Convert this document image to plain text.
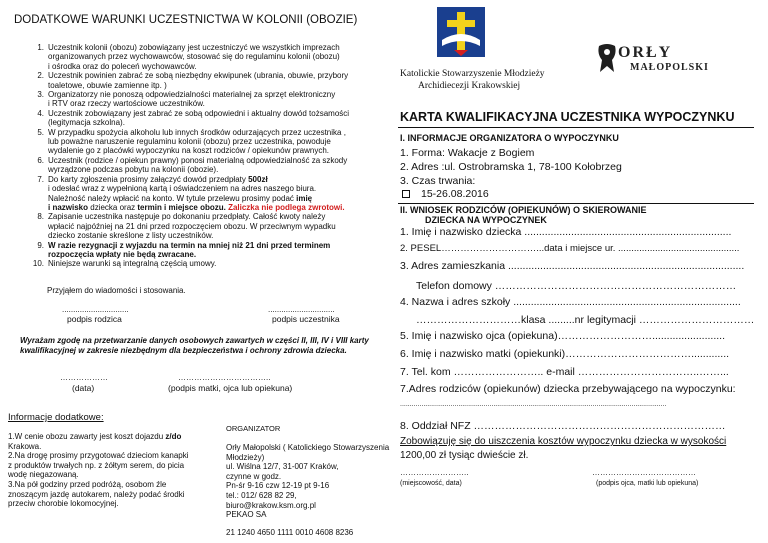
DODATKOWE WARUNKI UCZESTNICTWA W KOLONII (OBOZIE)
1. Uczestnik kolonii (obozu) zobowiązany jest uczestniczyć we wszystkich imprezach
organizowanych przez wychowawców, stosować się do regulaminu kolonii (obozu)
i ośrodka oraz do poleceń wychowawców.
2. Uczestnik powinien zabrać ze sobą niezbędny ekwipunek (ubrania, obuwie, przybory
toaletowe, obuwie zamienne itp. )
3. Organizatorzy nie ponoszą odpowiedzialności materialnej za sprzęt elektroniczny
i RTV oraz rzeczy wartościowe uczestników.
4. Uczestnik zobowiązany jest zabrać ze sobą odpowiedni i aktualny dowód tożsamości
(legitymacja szkolna).
5. W przypadku spożycia alkoholu lub innych środków odurzających przez uczestnika ,
lub poważne naruszenie regulaminu kolonii (obozu) przez uczestnika, powoduje
wydalenie go z placówki wypoczynku na koszt rodziców / opiekunów prawnych.
6. Uczestnik (rodzice / opiekun prawny) ponosi materialną odpowiedzialność za szkody
wyrządzone podczas pobytu na kolonii (obozie).
7. Do karty zgłoszenia prosimy załączyć dowód przedpłaty 500zł
i odesłać wraz z wypełnioną kartą i oświadczeniem na adres naszego biura.
Należność należy wpłacić na konto. W tytule przelewu prosimy podać imię
i nazwisko dziecka oraz termin i miejsce obozu. Zaliczka nie podlega zwrotowi.
8. Zapisanie uczestnika następuje po dokonaniu przedpłaty. Całość kwoty należy
wpłacić najpóźniej na 21 dni przed rozpoczęciem obozu. W przeciwnym wypadku
dziecko zostanie skreślone z listy uczestników.
9. W razie rezygnacji z wyjazdu na termin na mniej niż 21 dni przed terminem
rozpoczęcia wpłaty nie będą zwracane.
10. Niniejsze warunki są integralną częścią umowy.
Przyjąłem do wiadomości i stosowania.
..............................
podpis rodzica
..............................
podpis uczestnika
Wyrażam zgodę na przetwarzanie danych osobowych zawartych w części II, III, IV i VIII karty kwalifikacyjnej w zakresie niezbędnym dla bezpieczeństwa i ochrony zdrowia dziecka.
………………
(data)
……………………………..
(podpis matki, ojca lub opiekuna)
Informacje dodatkowe:
1.W cenie obozu zawarty jest koszt dojazdu z/do
Krakowa.
2.Na drogę prosimy przygotować dzieciom kanapki
z produktów trwałych np. z żółtym serem, do picia
wodę niegazowaną.
3.Na pół godziny przed podróżą, osobom źle
znoszącym jazdę autokarem, należy podać środki
przeciw chorobie lokomocyjnej.
Katolickie Stowarzyszenie Młodzieży
Archidiecezji Krakowskiej
ORŁY
MAŁOPOLSKI
ORGANIZATOR
Orły Małopolski ( Katolickiego Stowarzyszenia
Młodzieży)
ul. Wiślna 12/7, 31-007 Kraków,
czynne w godz.
Pn-śr 9-16 czw 12-19 pt 9-16
tel.: 012/ 628 82 29,
biuro@krakow.ksm.org.pl
PEKAO SA
21 1240 4650 1111 0010 4608 8236
KARTA KWALIFIKACYJNA UCZESTNIKA WYPOCZYNKU
I. INFORMACJE ORGANIZATORA O WYPOCZYNKU
1. Forma: Wakacje z Bogiem
2. Adres :ul. Ostrobramska 1, 78-100 Kołobrzeg
3. Czas trwania:
15-26.08.2016
II. WNIOSEK RODZICÓW (OPIEKUNÓW) O SKIEROWANIE
DZIECKA NA WYPOCZYNEK
1. Imię i nazwisko dziecka .......................................................................
2. PESEL…………………………...data i miejsce ur. ..............................................
3. Adres zamieszkania .................................................................................
Telefon domowy ……………………………………………………………
4. Nazwa i adres szkoły ..............................................................................
…………………………klasa .........nr legitymacji ……………………………
5. Imię i nazwisko ojca (opiekuna)……………………….........................
6. Imię i nazwisko matki (opiekunki)……………………………….............
7. Tel. kom …………………….. e-mail ……………………………..……...
7.Adres rodziców (opiekunów) dziecka przebywającego na wypoczynku:
.........................................................................................................................................
8. Oddział NFZ ………………………………………………………………
Zobowiązuję się do uiszczenia kosztów wypoczynku dziecka w wysokości
1200,00 zł tysiąc dwieście zł.
……………………..
(miejscowość, data)
…………………………………
(podpis ojca, matki lub opiekuna)
